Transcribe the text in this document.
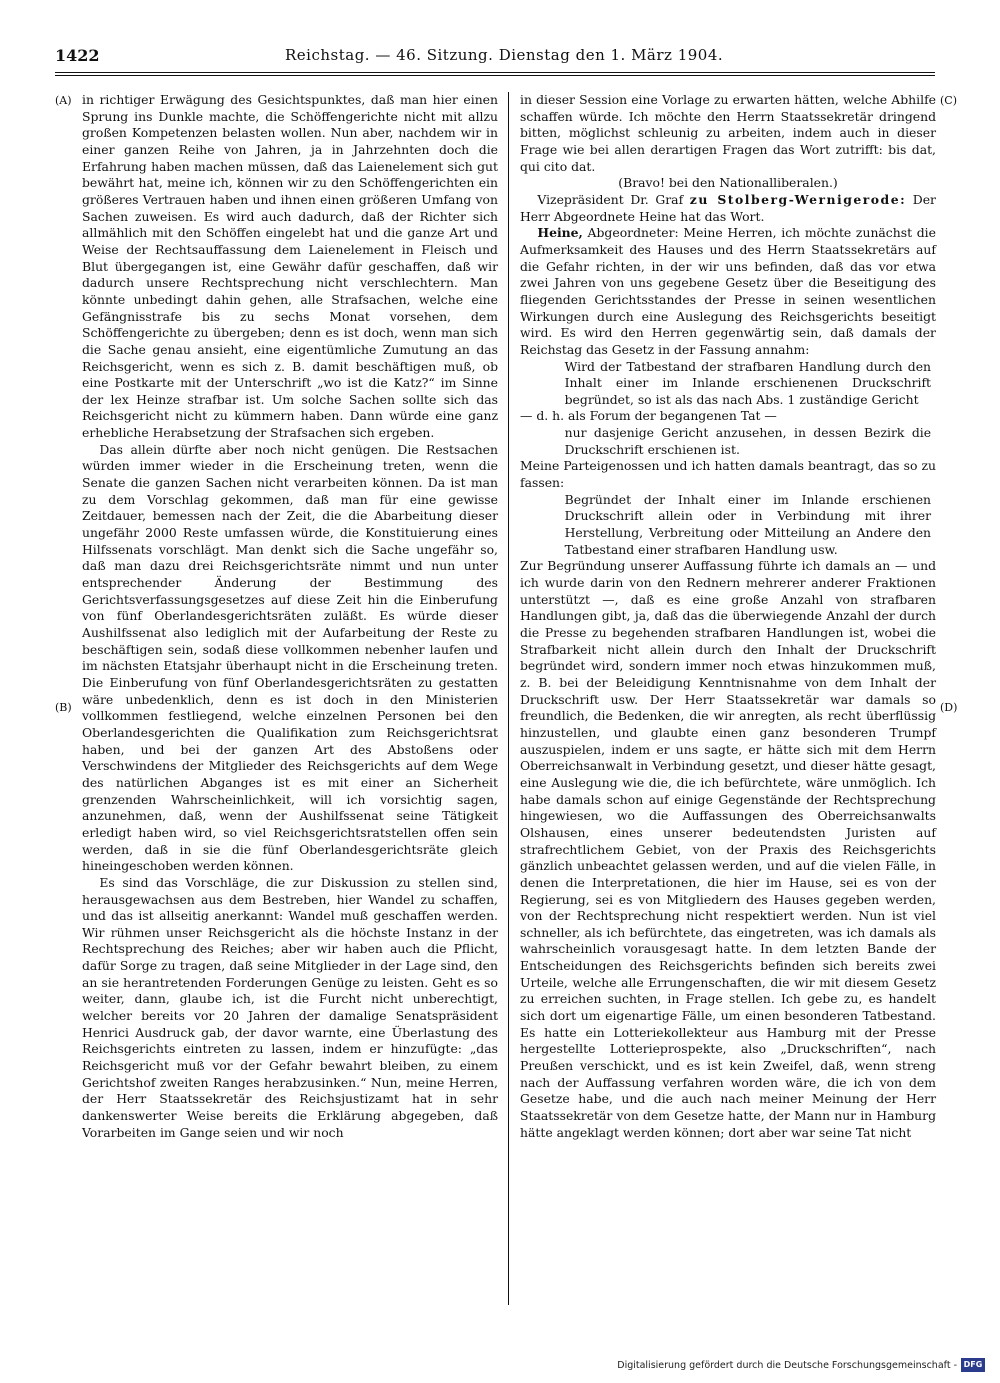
1422	Reichstag. — 46. Sitzung. Dienstag den 1. März 1904.
(A)
(B)
(C)
(D)

in richtiger Erwägung des Gesichtspunktes, daß man hier einen Sprung ins Dunkle machte, die Schöffengerichte nicht mit allzu großen Kompetenzen belasten wollen. Nun aber, nachdem wir in einer ganzen Reihe von Jahren, ja in Jahrzehnten doch die Erfahrung haben machen müssen, daß das Laienelement sich gut bewährt hat, meine ich, können wir zu den Schöffengerichten ein größeres Vertrauen haben und ihnen einen größeren Umfang von Sachen zuweisen. Es wird auch dadurch, daß der Richter sich allmählich mit den Schöffen eingelebt hat und die ganze Art und Weise der Rechtsauffassung dem Laienelement in Fleisch und Blut übergegangen ist, eine Gewähr dafür geschaffen, daß wir dadurch unsere Rechtsprechung nicht verschlechtern. Man könnte unbedingt dahin gehen, alle Strafsachen, welche eine Gefängnisstrafe bis zu sechs Monat vorsehen, dem Schöffengerichte zu übergeben; denn es ist doch, wenn man sich die Sache genau ansieht, eine eigentümliche Zumutung an das Reichsgericht, wenn es sich z. B. damit beschäftigen muß, ob eine Postkarte mit der Unterschrift „wo ist die Katz?“ im Sinne der lex Heinze strafbar ist. Um solche Sachen sollte sich das Reichsgericht nicht zu kümmern haben. Dann würde eine ganz erhebliche Herabsetzung der Strafsachen sich ergeben.

Das allein dürfte aber noch nicht genügen. Die Restsachen würden immer wieder in die Erscheinung treten, wenn die Senate die ganzen Sachen nicht verarbeiten können. Da ist man zu dem Vorschlag gekommen, daß man für eine gewisse Zeitdauer, bemessen nach der Zeit, die die Abarbeitung dieser ungefähr 2000 Reste umfassen würde, die Konstituierung eines Hilfssenats vorschlägt. Man denkt sich die Sache ungefähr so, daß man dazu drei Reichsgerichtsräte nimmt und nun unter entsprechender Änderung der Bestimmung des Gerichtsverfassungsgesetzes auf diese Zeit hin die Einberufung von fünf Oberlandesgerichtsräten zuläßt. Es würde dieser Aushilfssenat also lediglich mit der Aufarbeitung der Reste zu beschäftigen sein, sodaß diese vollkommen nebenher laufen und im nächsten Etatsjahr überhaupt nicht in die Erscheinung treten. Die Einberufung von fünf Oberlandesgerichtsräten zu gestatten wäre unbedenklich, denn es ist doch in den Ministerien vollkommen festliegend, welche einzelnen Personen bei den Oberlandesgerichten die Qualifikation zum Reichsgerichtsrat haben, und bei der ganzen Art des Abstoßens oder Verschwindens der Mitglieder des Reichsgerichts auf dem Wege des natürlichen Abganges ist es mit einer an Sicherheit grenzenden Wahrscheinlichkeit, will ich vorsichtig sagen, anzunehmen, daß, wenn der Aushilfssenat seine Tätigkeit erledigt haben wird, so viel Reichsgerichtsratstellen offen sein werden, daß in sie die fünf Oberlandesgerichtsräte gleich hineingeschoben werden können.

Es sind das Vorschläge, die zur Diskussion zu stellen sind, herausgewachsen aus dem Bestreben, hier Wandel zu schaffen, und das ist allseitig anerkannt: Wandel muß geschaffen werden. Wir rühmen unser Reichsgericht als die höchste Instanz in der Rechtsprechung des Reiches; aber wir haben auch die Pflicht, dafür Sorge zu tragen, daß seine Mitglieder in der Lage sind, den an sie herantretenden Forderungen Genüge zu leisten. Geht es so weiter, dann, glaube ich, ist die Furcht nicht unberechtigt, welcher bereits vor 20 Jahren der damalige Senatspräsident Henrici Ausdruck gab, der davor warnte, eine Überlastung des Reichsgerichts eintreten zu lassen, indem er hinzufügte: „das Reichsgericht muß vor der Gefahr bewahrt bleiben, zu einem Gerichtshof zweiten Ranges herabzusinken.“ Nun, meine Herren, der Herr Staatssekretär des Reichsjustizamt hat in sehr dankenswerter Weise bereits die Erklärung abgegeben, daß Vorarbeiten im Gange seien und wir noch

in dieser Session eine Vorlage zu erwarten hätten, welche Abhilfe schaffen würde. Ich möchte den Herrn Staatssekretär dringend bitten, möglichst schleunig zu arbeiten, indem auch in dieser Frage wie bei allen derartigen Fragen das Wort zutrifft: bis dat, qui cito dat.

(Bravo! bei den Nationalliberalen.)

Vizepräsident Dr. Graf zu Stolberg-Wernigerode: Der Herr Abgeordnete Heine hat das Wort.

Heine, Abgeordneter: Meine Herren, ich möchte zunächst die Aufmerksamkeit des Hauses und des Herrn Staatssekretärs auf die Gefahr richten, in der wir uns befinden, daß das vor etwa zwei Jahren von uns gegebene Gesetz über die Beseitigung des fliegenden Gerichtsstandes der Presse in seinen wesentlichen Wirkungen durch eine Auslegung des Reichsgerichts beseitigt wird. Es wird den Herren gegenwärtig sein, daß damals der Reichstag das Gesetz in der Fassung annahm:

Wird der Tatbestand der strafbaren Handlung durch den Inhalt einer im Inlande erschienenen Druckschrift begründet, so ist als das nach Abs. 1 zuständige Gericht

— d. h. als Forum der begangenen Tat —

nur dasjenige Gericht anzusehen, in dessen Bezirk die Druckschrift erschienen ist.

Meine Parteigenossen und ich hatten damals beantragt, das so zu fassen:

Begründet der Inhalt einer im Inlande erschienen Druckschrift allein oder in Verbindung mit ihrer Herstellung, Verbreitung oder Mitteilung an Andere den Tatbestand einer strafbaren Handlung usw.

Zur Begründung unserer Auffassung führte ich damals an — und ich wurde darin von den Rednern mehrerer anderer Fraktionen unterstützt —, daß es eine große Anzahl von strafbaren Handlungen gibt, ja, daß das die überwiegende Anzahl der durch die Presse zu begehenden strafbaren Handlungen ist, wobei die Strafbarkeit nicht allein durch den Inhalt der Druckschrift begründet wird, sondern immer noch etwas hinzukommen muß, z. B. bei der Beleidigung Kenntnisnahme von dem Inhalt der Druckschrift usw. Der Herr Staatssekretär war damals so freundlich, die Bedenken, die wir anregten, als recht überflüssig hinzustellen, und glaubte einen ganz besonderen Trumpf auszuspielen, indem er uns sagte, er hätte sich mit dem Herrn Oberreichsanwalt in Verbindung gesetzt, und dieser hätte gesagt, eine Auslegung wie die, die ich befürchtete, wäre unmöglich. Ich habe damals schon auf einige Gegenstände der Rechtsprechung hingewiesen, wo die Auffassungen des Oberreichsanwalts Olshausen, eines unserer bedeutendsten Juristen auf strafrechtlichem Gebiet, von der Praxis des Reichsgerichts gänzlich unbeachtet gelassen werden, und auf die vielen Fälle, in denen die Interpretationen, die hier im Hause, sei es von der Regierung, sei es von Mitgliedern des Hauses gegeben werden, von der Rechtsprechung nicht respektiert werden. Nun ist viel schneller, als ich befürchtete, das eingetreten, was ich damals als wahrscheinlich vorausgesagt hatte. In dem letzten Bande der Entscheidungen des Reichsgerichts befinden sich bereits zwei Urteile, welche alle Errungenschaften, die wir mit diesem Gesetz zu erreichen suchten, in Frage stellen. Ich gebe zu, es handelt sich dort um eigenartige Fälle, um einen besonderen Tatbestand. Es hatte ein Lotteriekollekteur aus Hamburg mit der Presse hergestellte Lotterieprospekte, also „Druckschriften“, nach Preußen verschickt, und es ist kein Zweifel, daß, wenn streng nach der Auffassung verfahren worden wäre, die ich von dem Gesetze habe, und die auch nach meiner Meinung der Herr Staatssekretär von dem Gesetze hatte, der Mann nur in Hamburg hätte angeklagt werden können; dort aber war seine Tat nicht

Digitalisierung gefördert durch die Deutsche Forschungsgemeinschaft - DFG
